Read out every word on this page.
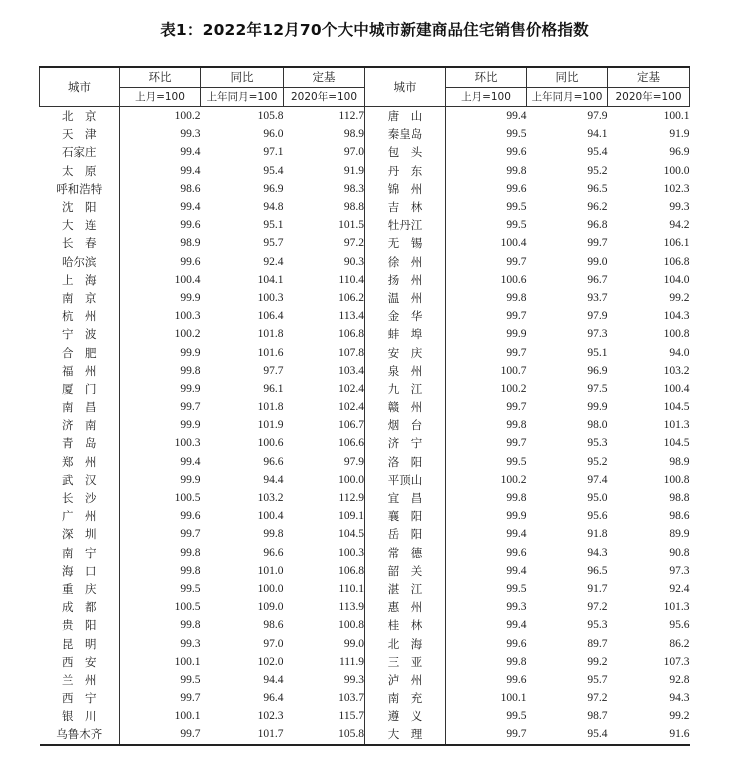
表1：2022年12月70个大中城市新建商品住宅销售价格指数
城市	环比	同比	定基	城市	环比	同比	定基
	上月=100	上年同月=100	2020年=100		上月=100	上年同月=100	2020年=100
北　京	100.2	105.8	112.7	唐　山	99.4	97.9	100.1
天　津	99.3	96.0	98.9	秦皇岛	99.5	94.1	91.9
石家庄	99.4	97.1	97.0	包　头	99.6	95.4	96.9
太　原	99.4	95.4	91.9	丹　东	99.8	95.2	100.0
呼和浩特	98.6	96.9	98.3	锦　州	99.6	96.5	102.3
沈　阳	99.4	94.8	98.8	吉　林	99.5	96.2	99.3
大　连	99.6	95.1	101.5	牡丹江	99.5	96.8	94.2
长　春	98.9	95.7	97.2	无　锡	100.4	99.7	106.1
哈尔滨	99.6	92.4	90.3	徐　州	99.7	99.0	106.8
上　海	100.4	104.1	110.4	扬　州	100.6	96.7	104.0
南　京	99.9	100.3	106.2	温　州	99.8	93.7	99.2
杭　州	100.3	106.4	113.4	金　华	99.7	97.9	104.3
宁　波	100.2	101.8	106.8	蚌　埠	99.9	97.3	100.8
合　肥	99.9	101.6	107.8	安　庆	99.7	95.1	94.0
福　州	99.8	97.7	103.4	泉　州	100.7	96.9	103.2
厦　门	99.9	96.1	102.4	九　江	100.2	97.5	100.4
南　昌	99.7	101.8	102.4	赣　州	99.7	99.9	104.5
济　南	99.9	101.9	106.7	烟　台	99.8	98.0	101.3
青　岛	100.3	100.6	106.6	济　宁	99.7	95.3	104.5
郑　州	99.4	96.6	97.9	洛　阳	99.5	95.2	98.9
武　汉	99.9	94.4	100.0	平顶山	100.2	97.4	100.8
长　沙	100.5	103.2	112.9	宜　昌	99.8	95.0	98.8
广　州	99.6	100.4	109.1	襄　阳	99.9	95.6	98.6
深　圳	99.7	99.8	104.5	岳　阳	99.4	91.8	89.9
南　宁	99.8	96.6	100.3	常　德	99.6	94.3	90.8
海　口	99.8	101.0	106.8	韶　关	99.4	96.5	97.3
重　庆	99.5	100.0	110.1	湛　江	99.5	91.7	92.4
成　都	100.5	109.0	113.9	惠　州	99.3	97.2	101.3
贵　阳	99.8	98.6	100.8	桂　林	99.4	95.3	95.6
昆　明	99.3	97.0	99.0	北　海	99.6	89.7	86.2
西　安	100.1	102.0	111.9	三　亚	99.8	99.2	107.3
兰　州	99.5	94.4	99.3	泸　州	99.6	95.7	92.8
西　宁	99.7	96.4	103.7	南　充	100.1	97.2	94.3
银　川	100.1	102.3	115.7	遵　义	99.5	98.7	99.2
乌鲁木齐	99.7	101.7	105.8	大　理	99.7	95.4	91.6
